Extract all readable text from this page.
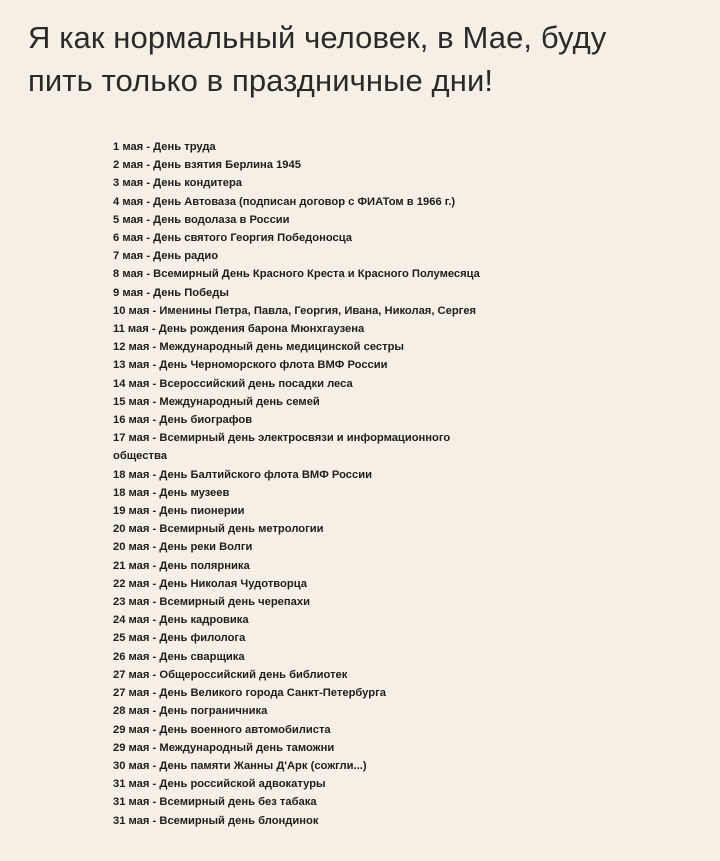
Я как нормальный человек, в Мае, буду
пить только в праздничные дни!
1 мая - День труда
2 мая - День взятия Берлина 1945
3 мая - День кондитера
4 мая - День Автоваза (подписан договор с ФИАТом в 1966 г.)
5 мая - День водолаза в России
6 мая - День святого Георгия Победоносца
7 мая - День радио
8 мая - Всемирный День Красного Креста и Красного Полумесяца
9 мая - День Победы
10 мая - Именины Петра, Павла, Георгия, Ивана, Николая, Сергея
11 мая - День рождения барона Мюнхгаузена
12 мая - Международный день медицинской сестры
13 мая - День Черноморского флота ВМФ России
14 мая - Всероссийский день посадки леса
15 мая - Международный день семей
16 мая - День биографов
17 мая - Всемирный день электросвязи и информационного общества
18 мая - День Балтийского флота ВМФ России
18 мая - День музеев
19 мая - День пионерии
20 мая - Всемирный день метрологии
20 мая - День реки Волги
21 мая - День полярника
22 мая - День Николая Чудотворца
23 мая - Всемирный день черепахи
24 мая - День кадровика
25 мая - День филолога
26 мая - День сварщика
27 мая - Общероссийский день библиотек
27 мая - День Великого города Санкт-Петербурга
28 мая - День пограничника
29 мая - День военного автомобилиста
29 мая - Международный день таможни
30 мая - День памяти Жанны Д'Арк (сожгли...)
31 мая - День российской адвокатуры
31 мая - Всемирный день без табака
31 мая - Всемирный день блондинок
